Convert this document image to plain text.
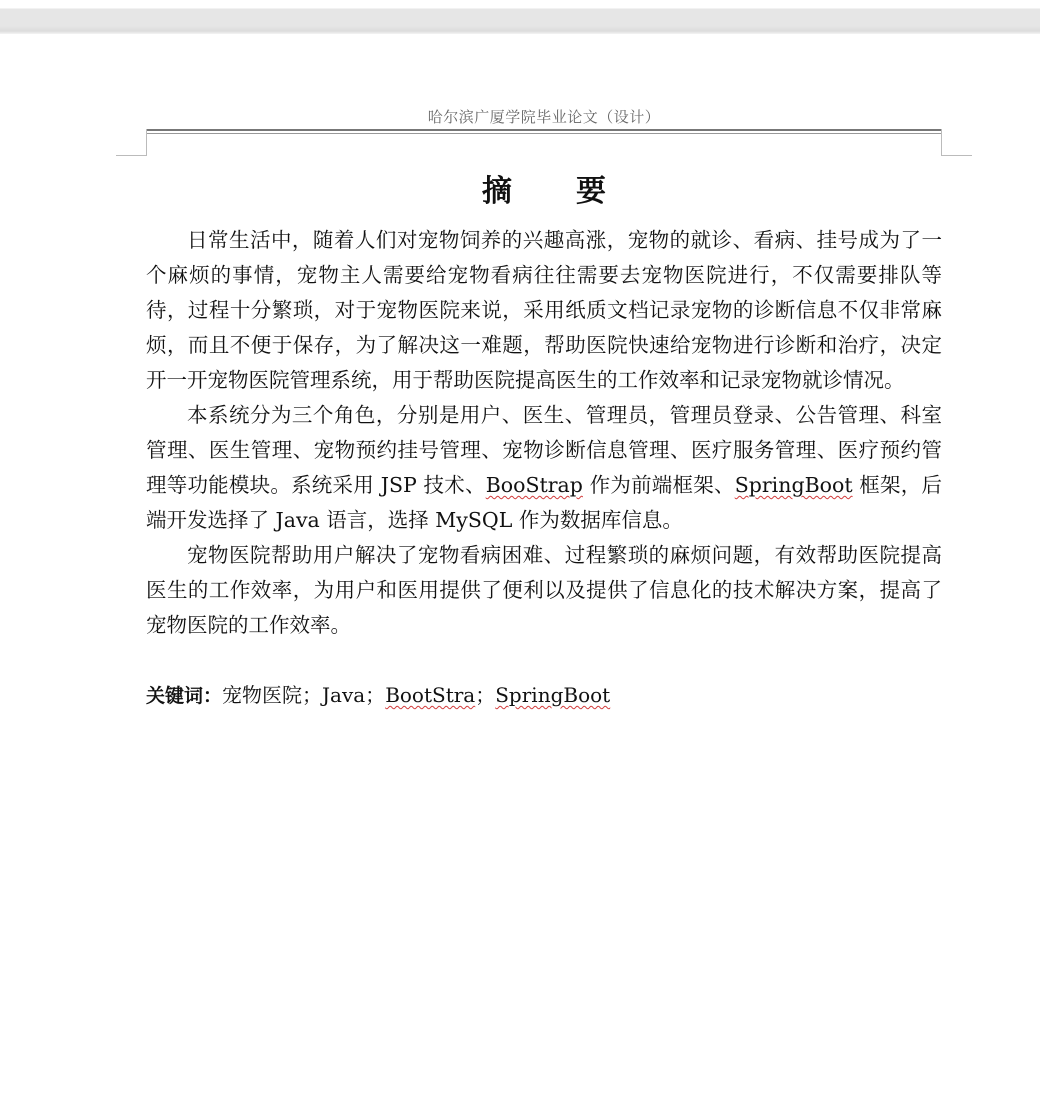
哈尔滨广厦学院毕业论文（设计）
摘要

日常生活中，随着人们对宠物饲养的兴趣高涨，宠物的就诊、看病、挂号成为了一个麻烦的事情，宠物主人需要给宠物看病往往需要去宠物医院进行，不仅需要排队等待，过程十分繁琐，对于宠物医院来说，采用纸质文档记录宠物的诊断信息不仅非常麻烦，而且不便于保存，为了解决这一难题，帮助医院快速给宠物进行诊断和治疗，决定开一开宠物医院管理系统，用于帮助医院提高医生的工作效率和记录宠物就诊情况。

本系统分为三个角色，分别是用户、医生、管理员，管理员登录、公告管理、科室管理、医生管理、宠物预约挂号管理、宠物诊断信息管理、医疗服务管理、医疗预约管理等功能模块。系统采用 JSP 技术、BooStrap 作为前端框架、SpringBoot 框架，后端开发选择了 Java 语言，选择 MySQL 作为数据库信息。

宠物医院帮助用户解决了宠物看病困难、过程繁琐的麻烦问题，有效帮助医院提高医生的工作效率，为用户和医用提供了便利以及提供了信息化的技术解决方案，提高了宠物医院的工作效率。

关键词：宠物医院；Java；BootStra；SpringBoot
